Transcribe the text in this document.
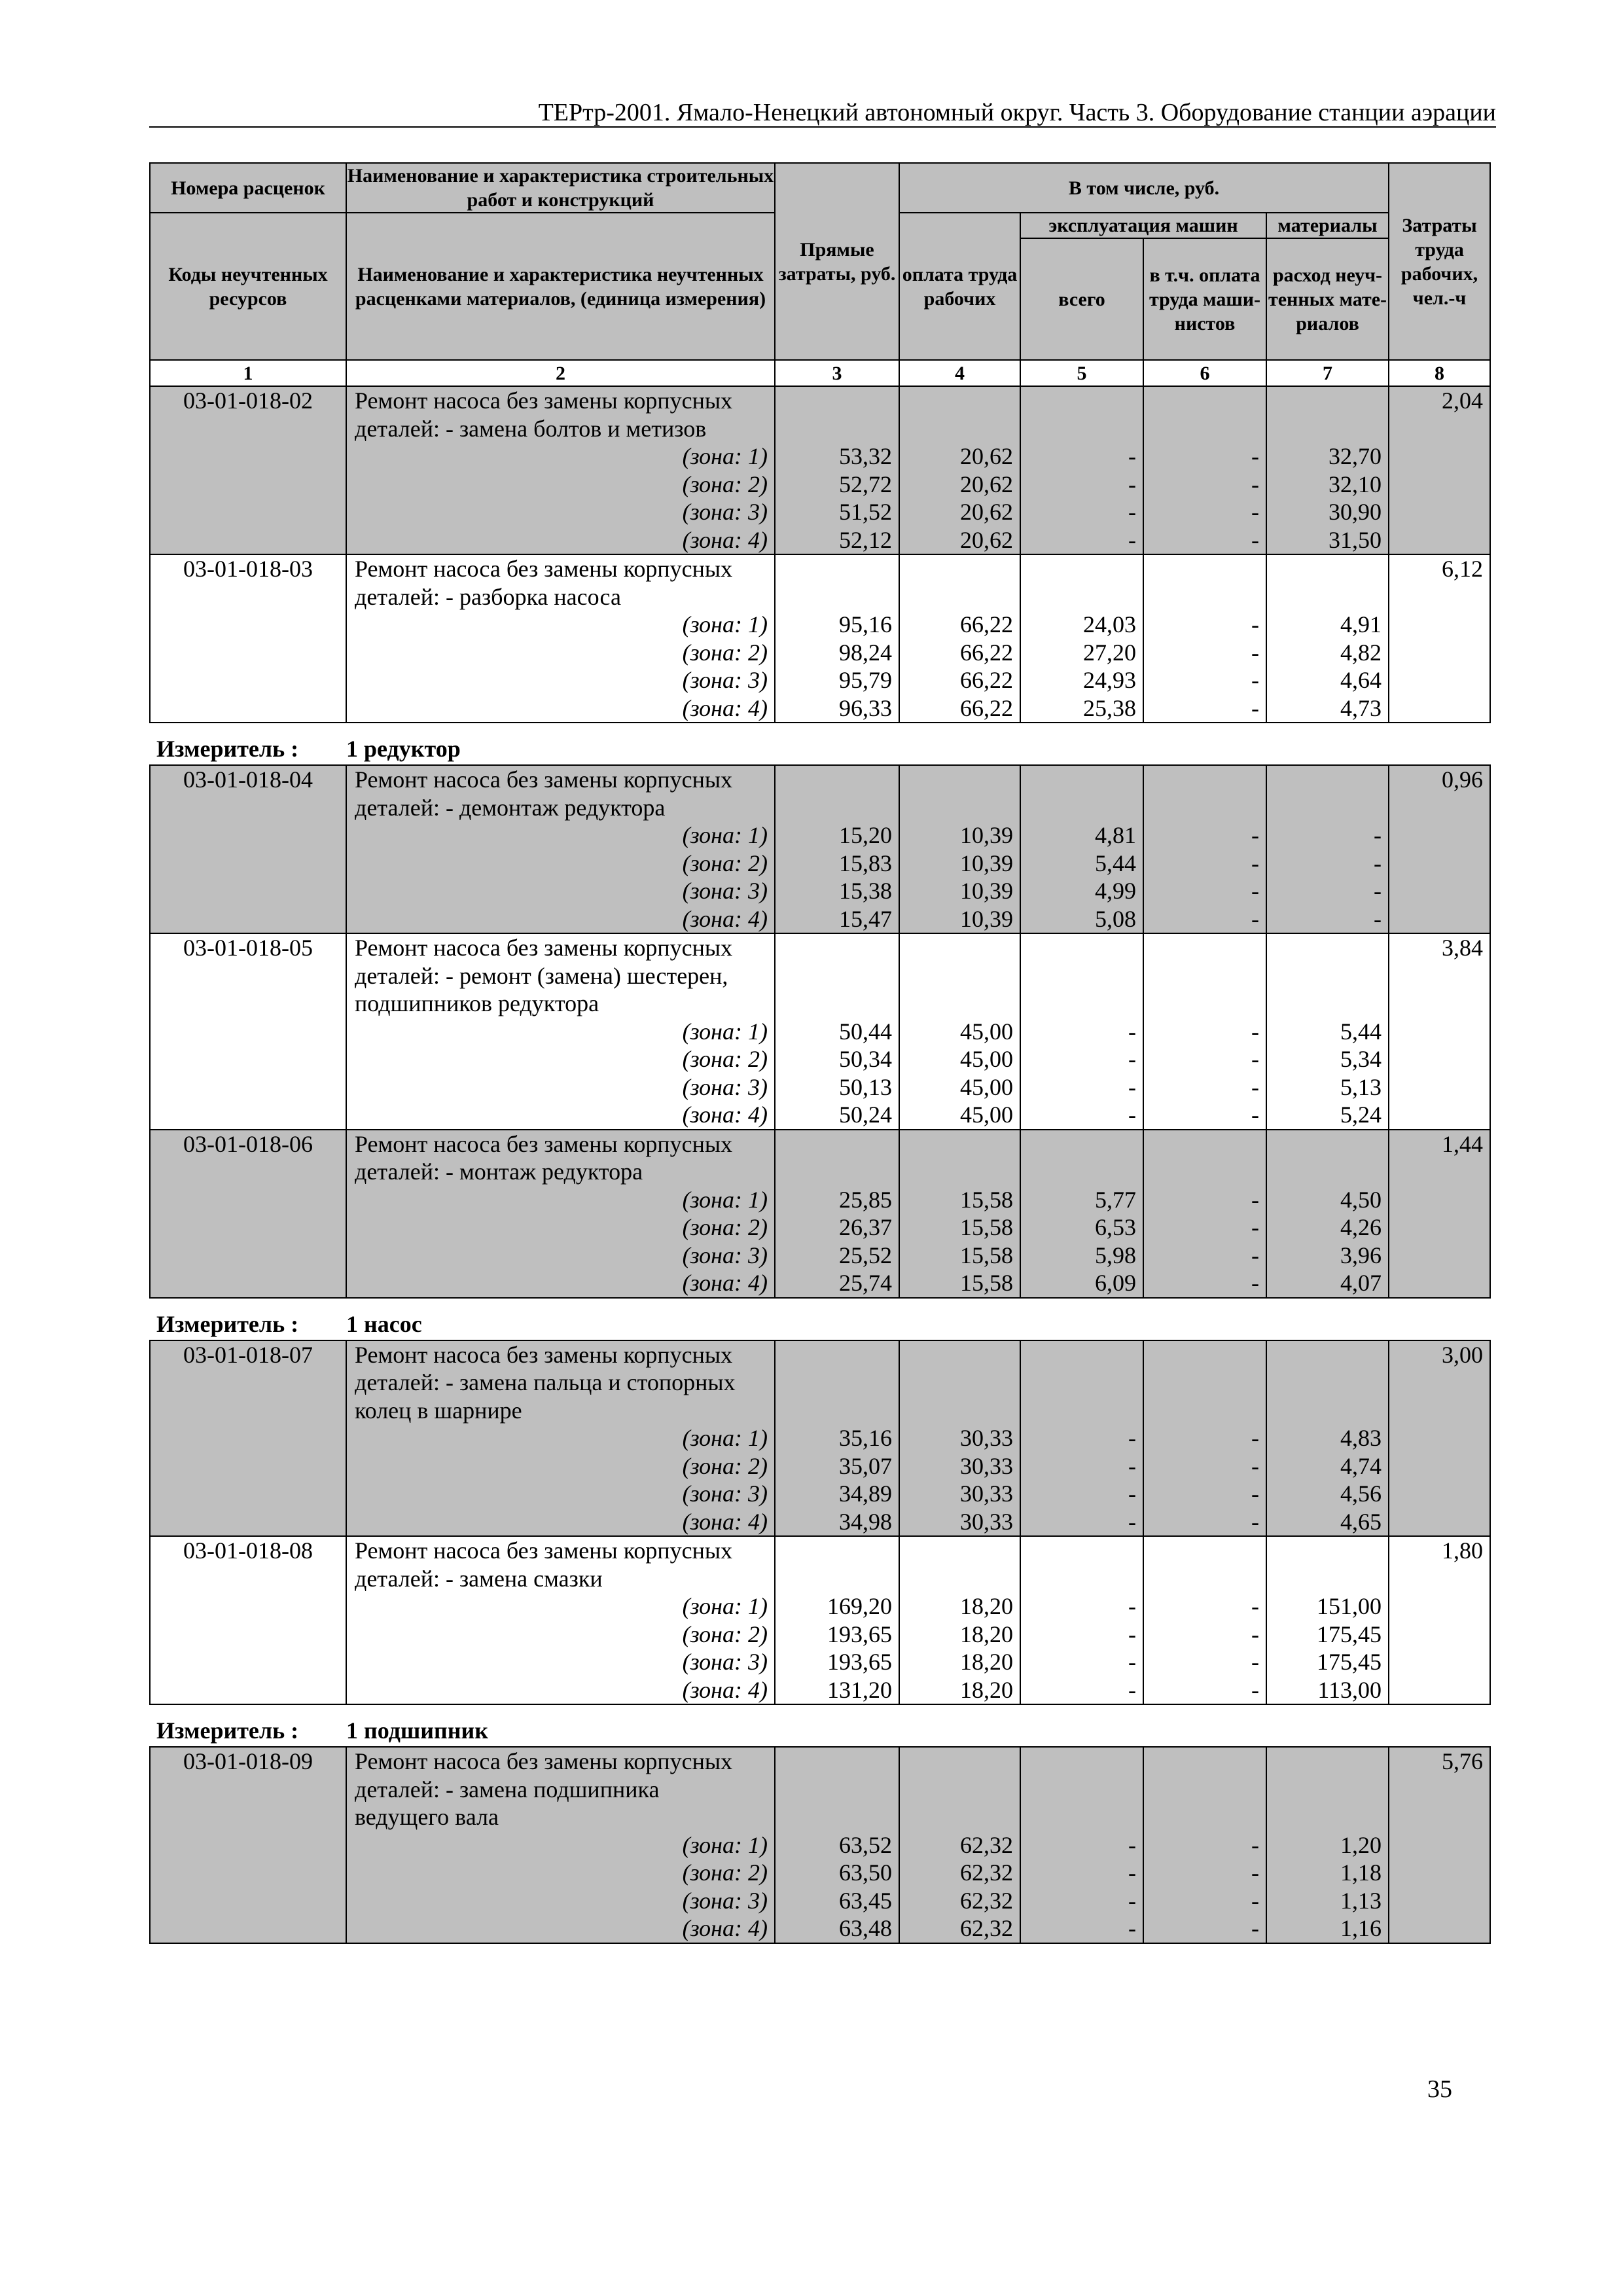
ТЕРтр-2001. Ямало-Ненецкий автономный округ. Часть 3. Оборудование станции аэрации
Номера расценок	Наименование и характеристика строительных работ и конструкций	Прямые затраты, руб.	В том числе, руб.				Затраты труда рабочих, чел.-ч
Коды неучтенных ресурсов	Наименование и характеристика неучтенных расценками материалов, (единица измерения)		оплата труда рабочих	эксплуатация машин		материалы	
				всего	в т.ч. оплата труда маши-нистов	расход неуч-тенных мате-риалов	
1	2	3	4	5	6	7	8
03-01-018-02	Ремонт насоса без замены корпусных						2,04
	деталей: - замена болтов и метизов						
	(зона: 1)	53,32	20,62	-	-	32,70	
	(зона: 2)	52,72	20,62	-	-	32,10	
	(зона: 3)	51,52	20,62	-	-	30,90	
	(зона: 4)	52,12	20,62	-	-	31,50	
03-01-018-03	Ремонт насоса без замены корпусных						6,12
	деталей: - разборка насоса						
	(зона: 1)	95,16	66,22	24,03	-	4,91	
	(зона: 2)	98,24	66,22	27,20	-	4,82	
	(зона: 3)	95,79	66,22	24,93	-	4,64	
	(зона: 4)	96,33	66,22	25,38	-	4,73	
Измеритель :	1 редуктор						
03-01-018-04	Ремонт насоса без замены корпусных						0,96
	деталей: - демонтаж редуктора						
	(зона: 1)	15,20	10,39	4,81	-	-	
	(зона: 2)	15,83	10,39	5,44	-	-	
	(зона: 3)	15,38	10,39	4,99	-	-	
	(зона: 4)	15,47	10,39	5,08	-	-	
03-01-018-05	Ремонт насоса без замены корпусных						3,84
	деталей: - ремонт (замена) шестерен,						
	подшипников редуктора						
	(зона: 1)	50,44	45,00	-	-	5,44	
	(зона: 2)	50,34	45,00	-	-	5,34	
	(зона: 3)	50,13	45,00	-	-	5,13	
	(зона: 4)	50,24	45,00	-	-	5,24	
03-01-018-06	Ремонт насоса без замены корпусных						1,44
	деталей: - монтаж редуктора						
	(зона: 1)	25,85	15,58	5,77	-	4,50	
	(зона: 2)	26,37	15,58	6,53	-	4,26	
	(зона: 3)	25,52	15,58	5,98	-	3,96	
	(зона: 4)	25,74	15,58	6,09	-	4,07	
Измеритель :	1 насос						
03-01-018-07	Ремонт насоса без замены корпусных						3,00
	деталей: - замена пальца и стопорных						
	колец в шарнире						
	(зона: 1)	35,16	30,33	-	-	4,83	
	(зона: 2)	35,07	30,33	-	-	4,74	
	(зона: 3)	34,89	30,33	-	-	4,56	
	(зона: 4)	34,98	30,33	-	-	4,65	
03-01-018-08	Ремонт насоса без замены корпусных						1,80
	деталей: - замена смазки						
	(зона: 1)	169,20	18,20	-	-	151,00	
	(зона: 2)	193,65	18,20	-	-	175,45	
	(зона: 3)	193,65	18,20	-	-	175,45	
	(зона: 4)	131,20	18,20	-	-	113,00	
Измеритель :	1 подшипник						
03-01-018-09	Ремонт насоса без замены корпусных						5,76
	деталей: - замена подшипника						
	ведущего вала						
	(зона: 1)	63,52	62,32	-	-	1,20	
	(зона: 2)	63,50	62,32	-	-	1,18	
	(зона: 3)	63,45	62,32	-	-	1,13	
	(зона: 4)	63,48	62,32	-	-	1,16	
35
